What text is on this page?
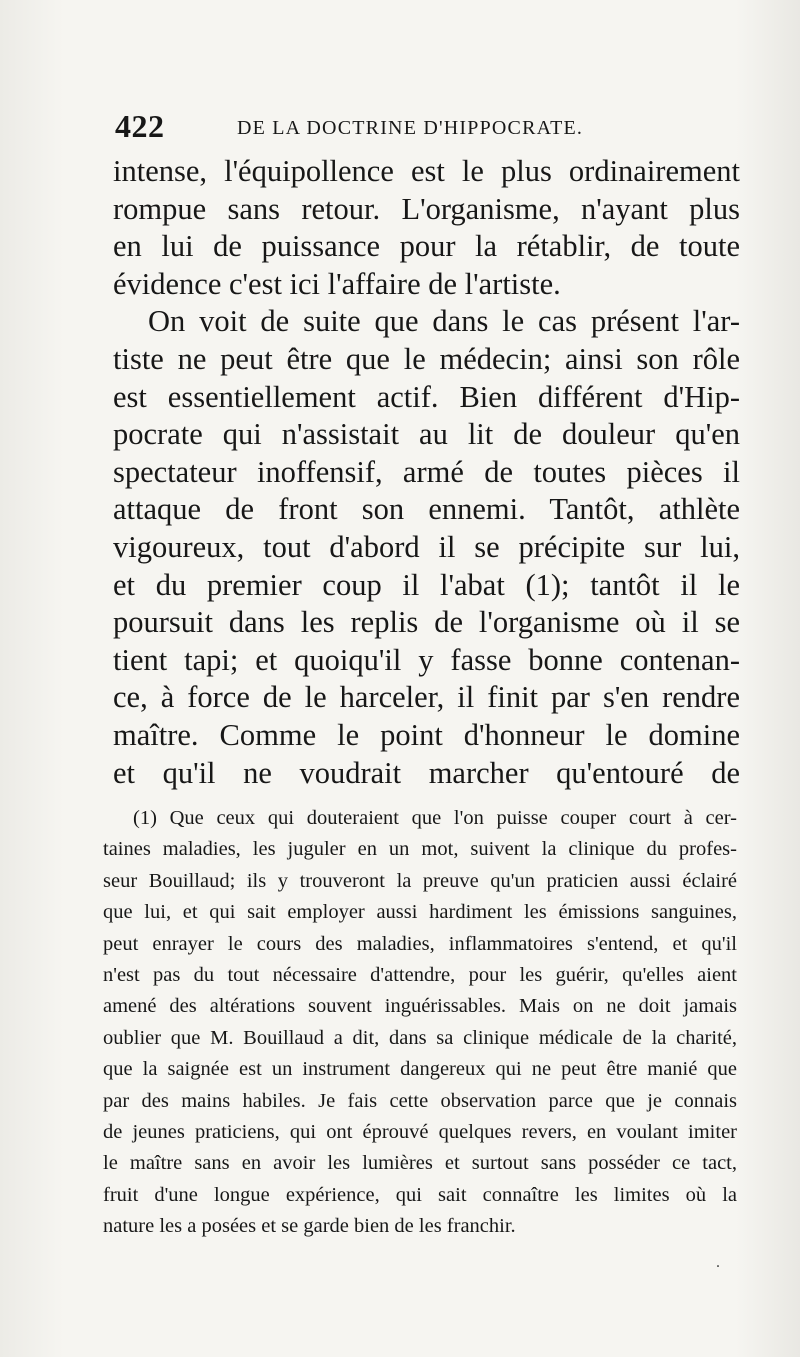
422	DE LA DOCTRINE D'HIPPOCRATE.
intense, l'équipollence est le plus ordinairement
rompue sans retour. L'organisme, n'ayant plus
en lui de puissance pour la rétablir, de toute
évidence c'est ici l'affaire de l'artiste.
On voit de suite que dans le cas présent l'ar-
tiste ne peut être que le médecin; ainsi son rôle
est essentiellement actif. Bien différent d'Hip-
pocrate qui n'assistait au lit de douleur qu'en
spectateur inoffensif, armé de toutes pièces il
attaque de front son ennemi. Tantôt, athlète
vigoureux, tout d'abord il se précipite sur lui,
et du premier coup il l'abat (1); tantôt il le
poursuit dans les replis de l'organisme où il se
tient tapi; et quoiqu'il y fasse bonne contenan-
ce, à force de le harceler, il finit par s'en rendre
maître. Comme le point d'honneur le domine
et qu'il ne voudrait marcher qu'entouré de
(1) Que ceux qui douteraient que l'on puisse couper court à cer-
taines maladies, les juguler en un mot, suivent la clinique du profes-
seur Bouillaud; ils y trouveront la preuve qu'un praticien aussi éclairé
que lui, et qui sait employer aussi hardiment les émissions sanguines,
peut enrayer le cours des maladies, inflammatoires s'entend, et qu'il
n'est pas du tout nécessaire d'attendre, pour les guérir, qu'elles aient
amené des altérations souvent inguérissables. Mais on ne doit jamais
oublier que M. Bouillaud a dit, dans sa clinique médicale de la charité,
que la saignée est un instrument dangereux qui ne peut être manié que
par des mains habiles. Je fais cette observation parce que je connais
de jeunes praticiens, qui ont éprouvé quelques revers, en voulant imiter
le maître sans en avoir les lumières et surtout sans posséder ce tact,
fruit d'une longue expérience, qui sait connaître les limites où la
nature les a posées et se garde bien de les franchir.
.
